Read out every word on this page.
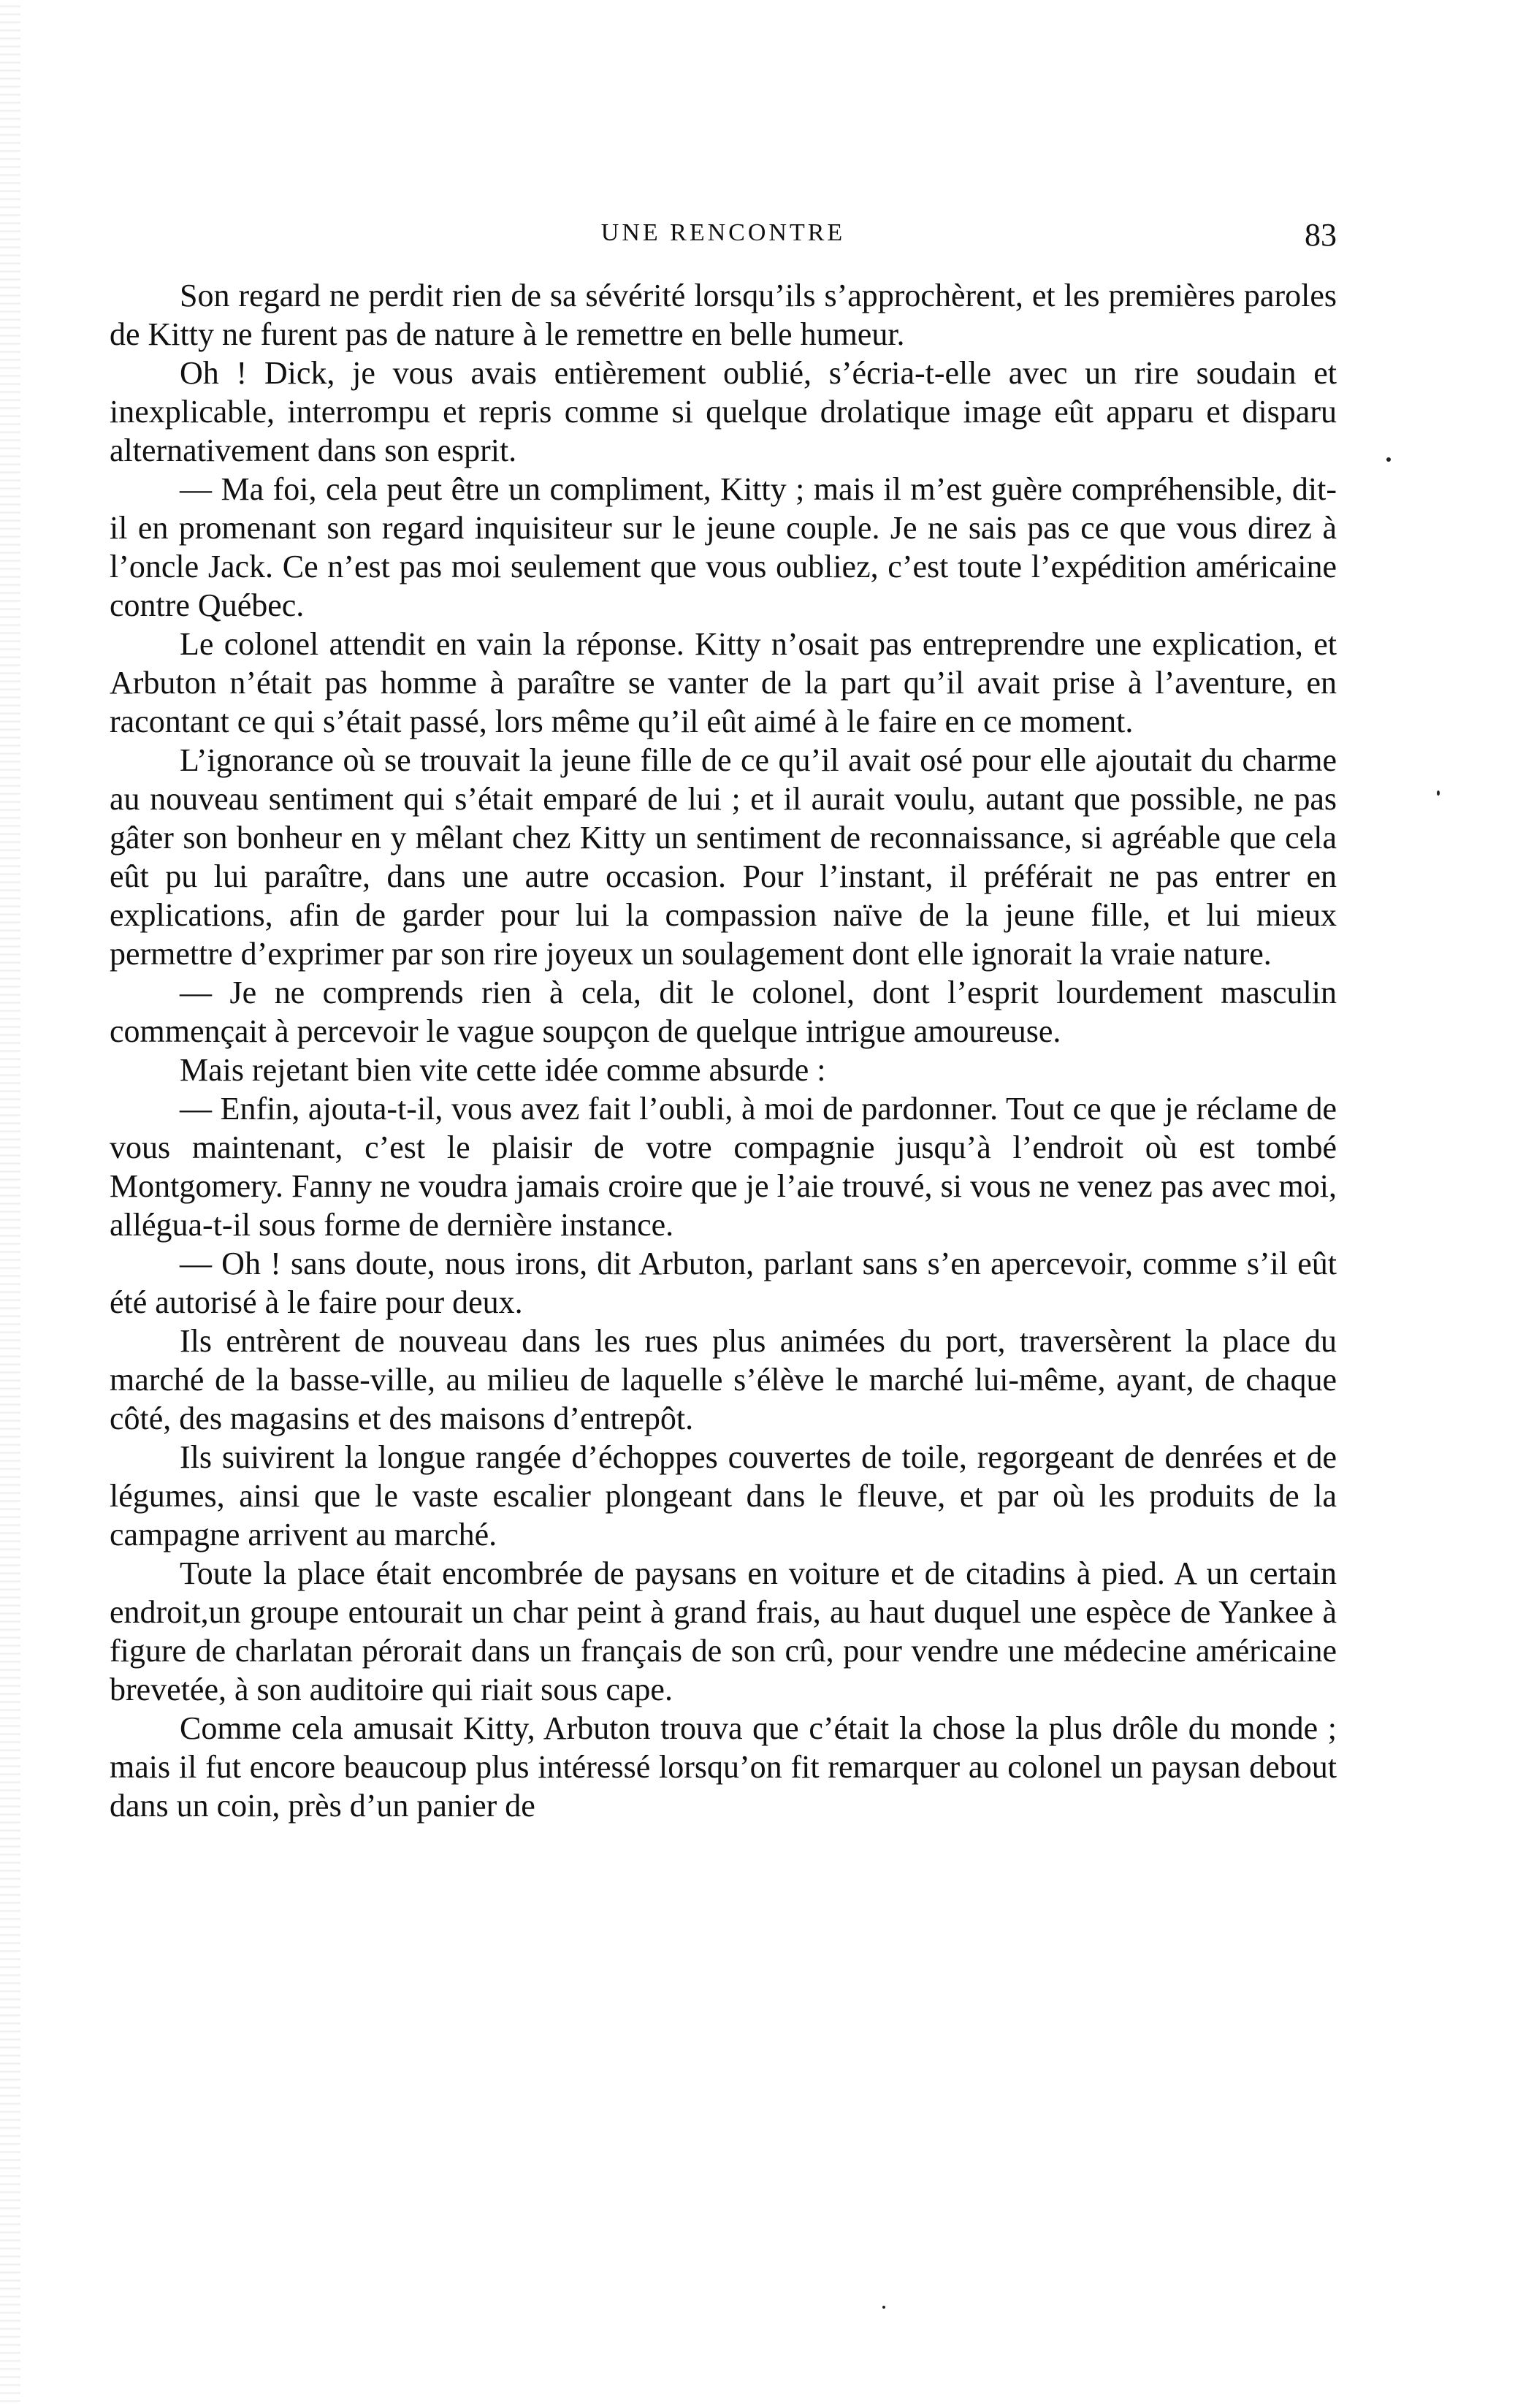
UNE RENCONTRE	83

Son regard ne perdit rien de sa sévérité lorsqu’ils s’approchèrent, et les premières paroles de Kitty ne furent pas de nature à le remettre en belle humeur.

Oh ! Dick, je vous avais entièrement oublié, s’écria-t-elle avec un rire soudain et inexplicable, interrompu et repris comme si quelque drolatique image eût apparu et disparu alternativement dans son esprit.

— Ma foi, cela peut être un compliment, Kitty ; mais il m’est guère compréhensible, dit-il en promenant son regard inquisiteur sur le jeune couple. Je ne sais pas ce que vous direz à l’oncle Jack. Ce n’est pas moi seulement que vous oubliez, c’est toute l’expédition américaine contre Québec.

Le colonel attendit en vain la réponse. Kitty n’osait pas entreprendre une explication, et Arbuton n’était pas homme à paraître se vanter de la part qu’il avait prise à l’aventure, en racontant ce qui s’était passé, lors même qu’il eût aimé à le faire en ce moment.

L’ignorance où se trouvait la jeune fille de ce qu’il avait osé pour elle ajoutait du charme au nouveau sentiment qui s’était emparé de lui ; et il aurait voulu, autant que possible, ne pas gâter son bonheur en y mêlant chez Kitty un sentiment de reconnaissance, si agréable que cela eût pu lui paraître, dans une autre occasion. Pour l’instant, il préférait ne pas entrer en explications, afin de garder pour lui la compassion naïve de la jeune fille, et lui mieux permettre d’exprimer par son rire joyeux un soulagement dont elle ignorait la vraie nature.

— Je ne comprends rien à cela, dit le colonel, dont l’esprit lourdement masculin commençait à percevoir le vague soupçon de quelque intrigue amoureuse.

Mais rejetant bien vite cette idée comme absurde :

— Enfin, ajouta-t-il, vous avez fait l’oubli, à moi de pardonner. Tout ce que je réclame de vous maintenant, c’est le plaisir de votre compagnie jusqu’à l’endroit où est tombé Montgomery. Fanny ne voudra jamais croire que je l’aie trouvé, si vous ne venez pas avec moi, allégua-t-il sous forme de dernière instance.

— Oh ! sans doute, nous irons, dit Arbuton, parlant sans s’en apercevoir, comme s’il eût été autorisé à le faire pour deux.

Ils entrèrent de nouveau dans les rues plus animées du port, traversèrent la place du marché de la basse-ville, au milieu de laquelle s’élève le marché lui-même, ayant, de chaque côté, des magasins et des maisons d’entrepôt.

Ils suivirent la longue rangée d’échoppes couvertes de toile, regorgeant de denrées et de légumes, ainsi que le vaste escalier plongeant dans le fleuve, et par où les produits de la campagne arrivent au marché.

Toute la place était encombrée de paysans en voiture et de citadins à pied. A un certain endroit,un groupe entourait un char peint à grand frais, au haut duquel une espèce de Yankee à figure de charlatan pérorait dans un français de son crû, pour vendre une médecine américaine brevetée, à son auditoire qui riait sous cape.

Comme cela amusait Kitty, Arbuton trouva que c’était la chose la plus drôle du monde ; mais il fut encore beaucoup plus intéressé lorsqu’on fit remarquer au colonel un paysan debout dans un coin, près d’un panier de
